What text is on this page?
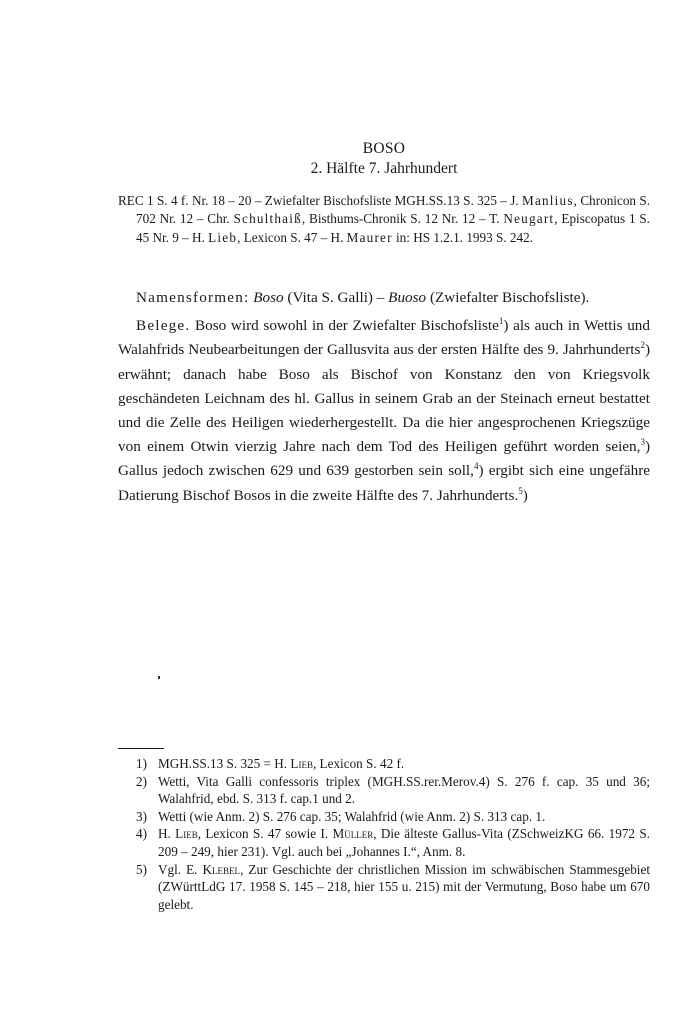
BOSO
2. Hälfte 7. Jahrhundert

REC 1 S. 4 f. Nr. 18 – 20 – Zwiefalter Bischofsliste MGH.SS.13 S. 325 – J. Manlius, Chronicon S. 702 Nr. 12 – Chr. Schulthaiß, Bisthums-Chronik S. 12 Nr. 12 – T. Neugart, Episcopatus 1 S. 45 Nr. 9 – H. Lieb, Lexicon S. 47 – H. Maurer in: HS 1.2.1. 1993 S. 242.

Namensformen: Boso (Vita S. Galli) – Buoso (Zwiefalter Bischofsliste).

Belege. Boso wird sowohl in der Zwiefalter Bischofsliste$^1$) als auch in Wettis und Walahfrids Neubearbeitungen der Gallusvita aus der ersten Hälfte des 9. Jahrhunderts$^2$) erwähnt; danach habe Boso als Bischof von Konstanz den von Kriegsvolk geschändeten Leichnam des hl. Gallus in seinem Grab an der Steinach erneut bestattet und die Zelle des Heiligen wiederhergestellt. Da die hier angesprochenen Kriegszüge von einem Otwin vierzig Jahre nach dem Tod des Heiligen geführt worden seien,$^3$) Gallus jedoch zwischen 629 und 639 gestorben sein soll,$^4$) ergibt sich eine ungefähre Datierung Bischof Bosos in die zweite Hälfte des 7. Jahrhunderts.$^5$)

1) MGH.SS.13 S. 325 = H. Lieb, Lexicon S. 42 f.
2) Wetti, Vita Galli confessoris triplex (MGH.SS.rer.Merov.4) S. 276 f. cap. 35 und 36; Walahfrid, ebd. S. 313 f. cap.1 und 2.
3) Wetti (wie Anm. 2) S. 276 cap. 35; Walahfrid (wie Anm. 2) S. 313 cap. 1.
4) H. Lieb, Lexicon S. 47 sowie I. Müller, Die älteste Gallus-Vita (ZSchweizKG 66. 1972 S. 209 – 249, hier 231). Vgl. auch bei „Johannes I.“, Anm. 8.
5) Vgl. E. Klebel, Zur Geschichte der christlichen Mission im schwäbischen Stammesgebiet (ZWürttLdG 17. 1958 S. 145 – 218, hier 155 u. 215) mit der Vermutung, Boso habe um 670 gelebt.
